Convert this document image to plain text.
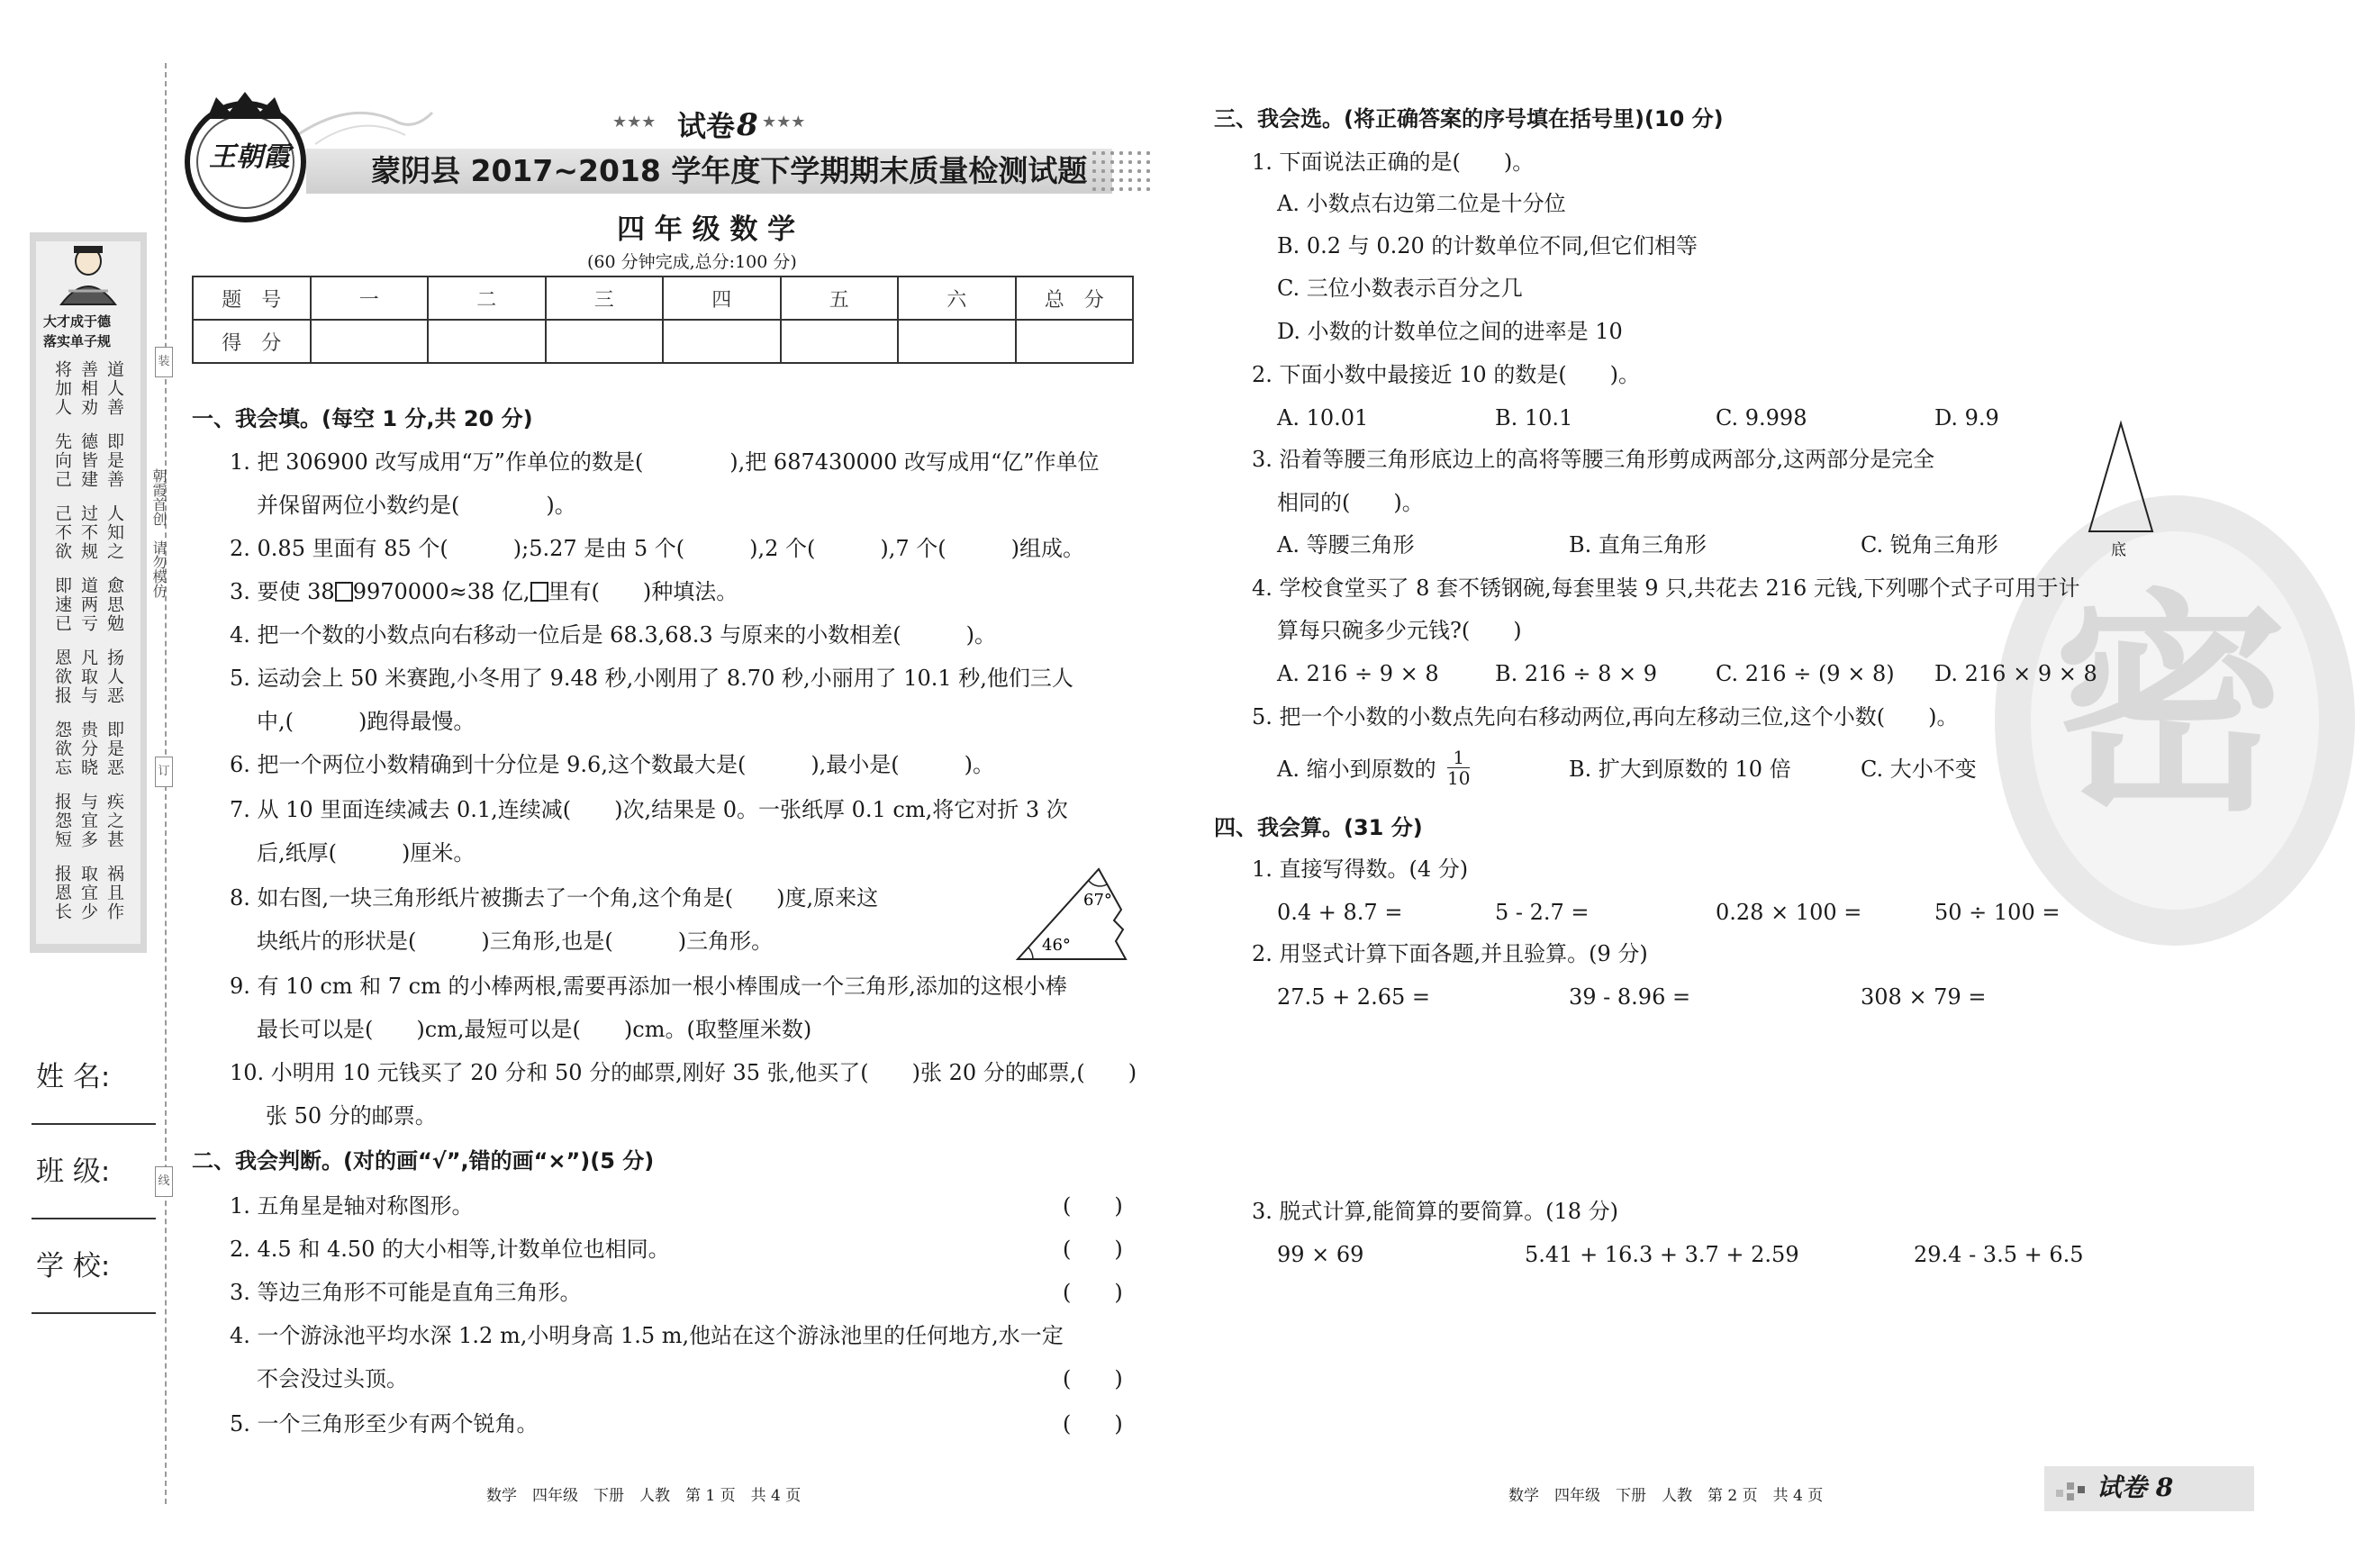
大才成于德
落实单子规
将加人 善相劝 道人善
先向己 德皆建 即是善
己不欲 过不规 人知之
即速已 道两亏 愈思勉
恩欲报 凡取与 扬人恶
怨欲忘 贵分晓 即是恶
报怨短 与宜多 疾之甚
报恩长 取宜少 祸且作
朝霞首创
请勿模仿
装
订
线
姓 名:
班 级:
学 校:
王朝霞
★★★ 试卷 8 ★★★
蒙阴县 2017~2018 学年度下学期期末质量检测试题
四 年 级 数 学
(60 分钟完成,总分:100 分)
题　号	一	二	三	四	五	六	总　分
得　分							
一、我会填。(每空 1 分,共 20 分)
1. 把 306900 改写成用“万”作单位的数是(　　　　),把 687430000 改写成用“亿”作单位
并保留两位小数约是(　　　　)。
2. 0.85 里面有 85 个(　　　);5.27 是由 5 个(　　　),2 个(　　　),7 个(　　　)组成。
3. 要使 38 9970000≈38 亿, 里有(　　)种填法。
4. 把一个数的小数点向右移动一位后是 68.3,68.3 与原来的小数相差(　　　)。
5. 运动会上 50 米赛跑,小冬用了 9.48 秒,小刚用了 8.70 秒,小丽用了 10.1 秒,他们三人
中,(　　　)跑得最慢。
6. 把一个两位小数精确到十分位是 9.6,这个数最大是(　　　),最小是(　　　)。
7. 从 10 里面连续减去 0.1,连续减(　　)次,结果是 0。一张纸厚 0.1 cm,将它对折 3 次
后,纸厚(　　　)厘米。
8. 如右图,一块三角形纸片被撕去了一个角,这个角是(　　)度,原来这
块纸片的形状是(　　　)三角形,也是(　　　)三角形。	46°
67°
9. 有 10 cm 和 7 cm 的小棒两根,需要再添加一根小棒围成一个三角形,添加的这根小棒
最长可以是(　　)cm,最短可以是(　　)cm。(取整厘米数)
10. 小明用 10 元钱买了 20 分和 50 分的邮票,刚好 35 张,他买了(　　)张 20 分的邮票,(　　)
张 50 分的邮票。
二、我会判断。(对的画“√”,错的画“×”)(5 分)
1. 五角星是轴对称图形。	(　　)
2. 4.5 和 4.50 的大小相等,计数单位也相同。	(　　)
3. 等边三角形不可能是直角三角形。	(　　)
4. 一个游泳池平均水深 1.2 m,小明身高 1.5 m,他站在这个游泳池里的任何地方,水一定
不会没过头顶。	(　　)
5. 一个三角形至少有两个锐角。	(　　)
数学　四年级　下册　人教　第 1 页　共 4 页
密
三、我会选。(将正确答案的序号填在括号里)(10 分)
1. 下面说法正确的是(　　)。
A. 小数点右边第二位是十分位
B. 0.2 与 0.20 的计数单位不同,但它们相等
C. 三位小数表示百分之几
D. 小数的计数单位之间的进率是 10
2. 下面小数中最接近 10 的数是(　　)。
A. 10.01	B. 10.1	C. 9.998	D. 9.9
3. 沿着等腰三角形底边上的高将等腰三角形剪成两部分,这两部分是完全
相同的(　　)。
A. 等腰三角形	B. 直角三角形	C. 锐角三角形	底
4. 学校食堂买了 8 套不锈钢碗,每套里装 9 只,共花去 216 元钱,下列哪个式子可用于计
算每只碗多少元钱?(　　)
A. 216 ÷ 9 × 8	B. 216 ÷ 8 × 9	C. 216 ÷ (9 × 8) D. 216 × 9 × 8
5. 把一个小数的小数点先向右移动两位,再向左移动三位,这个小数(　　)。
A. 缩小到原数的 $\frac{1}{10}$	B. 扩大到原数的 10 倍	C. 大小不变
四、我会算。(31 分)
1. 直接写得数。(4 分)
0.4 + 8.7 =	5 - 2.7 =	0.28 × 100 =	50 ÷ 100 =
2. 用竖式计算下面各题,并且验算。(9 分)
27.5 + 2.65 =	39 - 8.96 =	308 × 79 =
3. 脱式计算,能简算的要简算。(18 分)
99 × 69	5.41 + 16.3 + 3.7 + 2.59	29.4 - 3.5 + 6.5
数学　四年级　下册　人教　第 2 页　共 4 页	试卷 8
